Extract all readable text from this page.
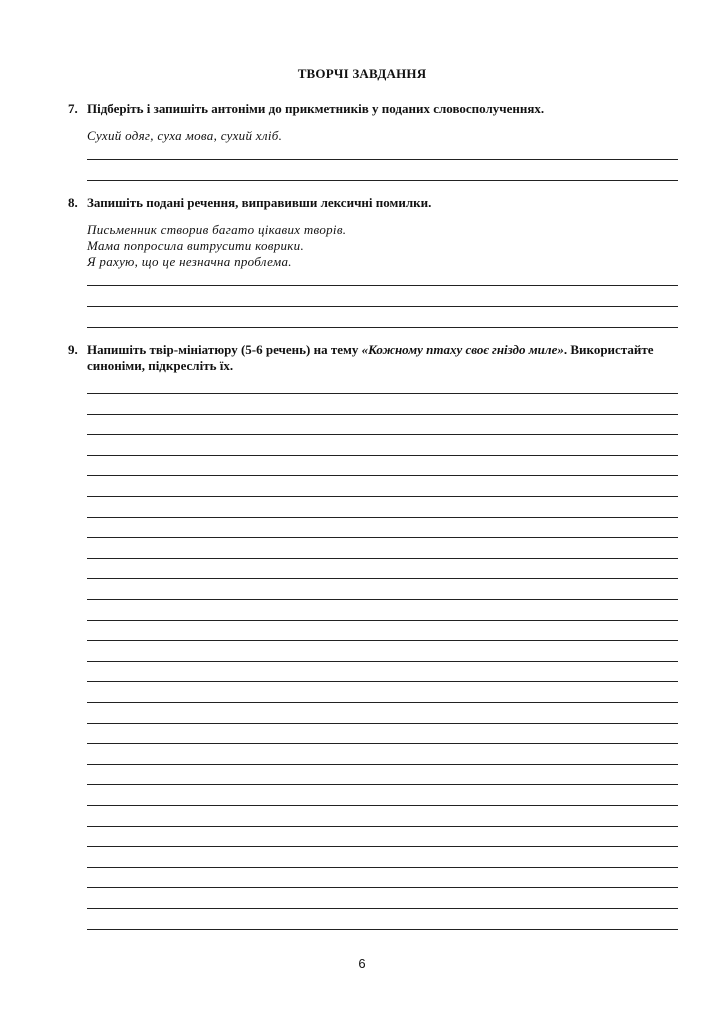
ТВОРЧІ ЗАВДАННЯ
7. Підберіть і запишіть антоніми до прикметників у поданих словосполученнях.
Сухий одяг, суха мова, сухий хліб.
8. Запишіть подані речення, виправивши лексичні помилки.
Письменник створив багато цікавих творів.
Мама попросила витрусити коврики.
Я рахую, що це незначна проблема.
9. Напишіть твір-мініатюру (5-6 речень) на тему «Кожному птаху своє гніздо миле». Використайте синоніми, підкресліть їх.
6
